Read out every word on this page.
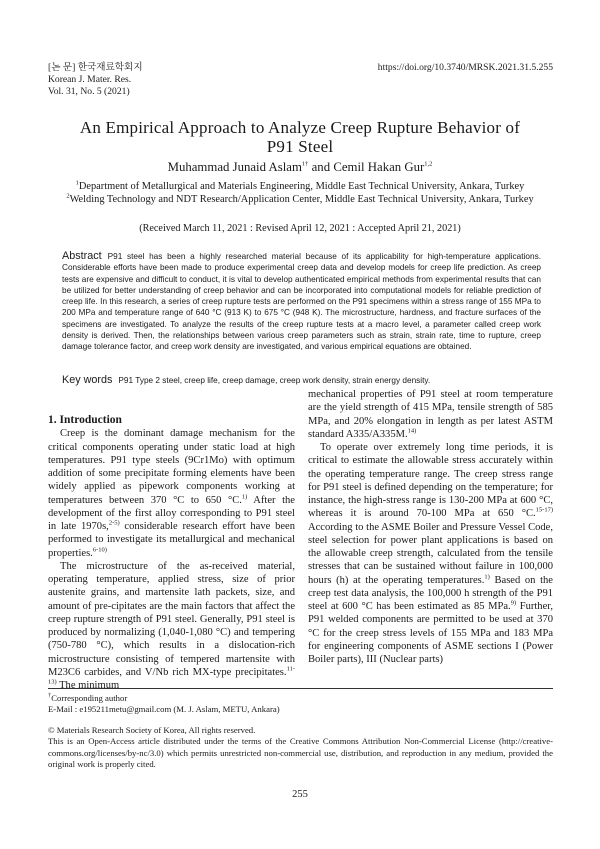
[논 문] 한국재료학회지
Korean J. Mater. Res.
Vol. 31, No. 5 (2021)
https://doi.org/10.3740/MRSK.2021.31.5.255
An Empirical Approach to Analyze Creep Rupture Behavior of
P91 Steel
Muhammad Junaid Aslam$^{1\dagger}$ and Cemil Hakan Gur$^{1,2}$
$^1$Department of Metallurgical and Materials Engineering, Middle East Technical University, Ankara, Turkey
$^2$Welding Technology and NDT Research/Application Center, Middle East Technical University, Ankara, Turkey
(Received March 11, 2021 : Revised April 12, 2021 : Accepted April 21, 2021)
Abstract P91 steel has been a highly researched material because of its applicability for high-temperature applications. Considerable efforts have been made to produce experimental creep data and develop models for creep life prediction. As creep tests are expensive and difficult to conduct, it is vital to develop authenticated empirical methods from experimental results that can be utilized for better understanding of creep behavior and can be incorporated into computational models for reliable prediction of creep life. In this research, a series of creep rupture tests are performed on the P91 specimens within a stress range of 155 MPa to 200 MPa and temperature range of 640 °C (913 K) to 675 °C (948 K). The microstructure, hardness, and fracture surfaces of the specimens are investigated. To analyze the results of the creep rupture tests at a macro level, a parameter called creep work density is derived. Then, the relationships between various creep parameters such as strain, strain rate, time to rupture, creep damage tolerance factor, and creep work density are investigated, and various empirical equations are obtained.
Key words P91 Type 2 steel, creep life, creep damage, creep work density, strain energy density.

1. Introduction

Creep is the dominant damage mechanism for the critical components operating under static load at high temperatures. P91 type steels (9Cr1Mo) with optimum addition of some precipitate forming elements have been widely applied as pipework components working at temperatures between 370 °C to 650 °C.$^{1)}$ After the development of the first alloy corresponding to P91 steel in late 1970s,$^{2-5)}$ considerable research effort have been performed to investigate its metallurgical and mechanical properties.$^{6-10)}$

The microstructure of the as-received material, operating temperature, applied stress, size of prior austenite grains, and martensite lath packets, size, and amount of pre-cipitates are the main factors that affect the creep rupture strength of P91 steel. Generally, P91 steel is produced by normalizing (1,040-1,080 °C) and tempering (750-780 °C), which results in a dislocation-rich microstructure consisting of tempered martensite with M23C6 carbides, and V/Nb rich MX-type precipitates.$^{11-13)}$ The minimum

mechanical properties of P91 steel at room temperature are the yield strength of 415 MPa, tensile strength of 585 MPa, and 20% elongation in length as per latest ASTM standard A335/A335M.$^{14)}$

To operate over extremely long time periods, it is critical to estimate the allowable stress accurately within the operating temperature range. The creep stress range for P91 steel is defined depending on the temperature; for instance, the high-stress range is 130-200 MPa at 600 °C, whereas it is around 70-100 MPa at 650 °C.$^{15-17)}$ According to the ASME Boiler and Pressure Vessel Code, steel selection for power plant applications is based on the allowable creep strength, calculated from the tensile stresses that can be sustained without failure in 100,000 hours (h) at the operating temperatures.$^{1)}$ Based on the creep test data analysis, the 100,000 h strength of the P91 steel at 600 °C has been estimated as 85 MPa.$^{9)}$ Further, P91 welded components are permitted to be used at 370 °C for the creep stress levels of 155 MPa and 183 MPa for engineering components of ASME sections I (Power Boiler parts), III (Nuclear parts)

†Corresponding author
E-Mail : e195211metu@gmail.com (M. J. Aslam, METU, Ankara)
© Materials Research Society of Korea, All rights reserved.
This is an Open-Access article distributed under the terms of the Creative Commons Attribution Non-Commercial License (http://creative-commons.org/licenses/by-nc/3.0) which permits unrestricted non-commercial use, distribution, and reproduction in any medium, provided the original work is properly cited.
255
